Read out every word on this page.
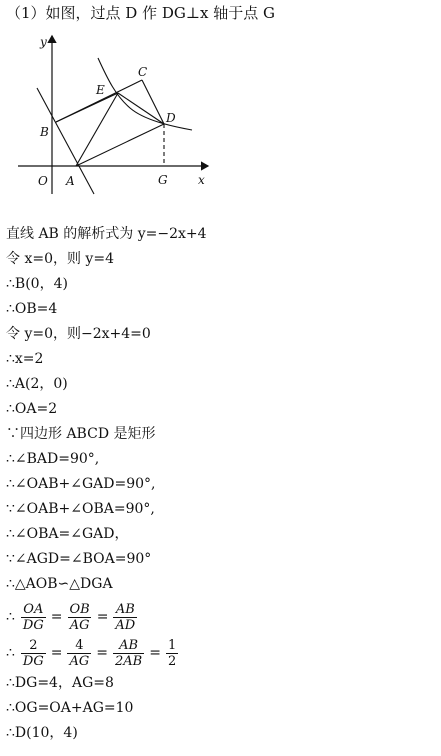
（1）如图，过点 D 作 DG⊥x 轴于点 G
y
x
O A
B
C
D
E
G
直线 AB 的解析式为 y=−2x+4
令 x=0，则 y=4
∴B(0，4)
∴OB=4
令 y=0，则−2x+4=0
∴x=2
∴A(2，0)
∴OA=2
∵四边形 ABCD 是矩形
∴∠BAD=90°,
∴∠OAB+∠GAD=90°,
∵∠OAB+∠OBA=90°,
∴∠OBA=∠GAD，
∵∠AGD=∠BOA=90°
∴△AOB∽△DGA
∴ $\frac{OA}{DG} = \frac{OB}{AG} = \frac{AB}{AD}$
∴ $\frac{2}{DG} = \frac{4}{AG} = \frac{AB}{2AB} = \frac{1}{2}$
∴DG=4，AG=8
∴OG=OA+AG=10
∴D(10，4)
